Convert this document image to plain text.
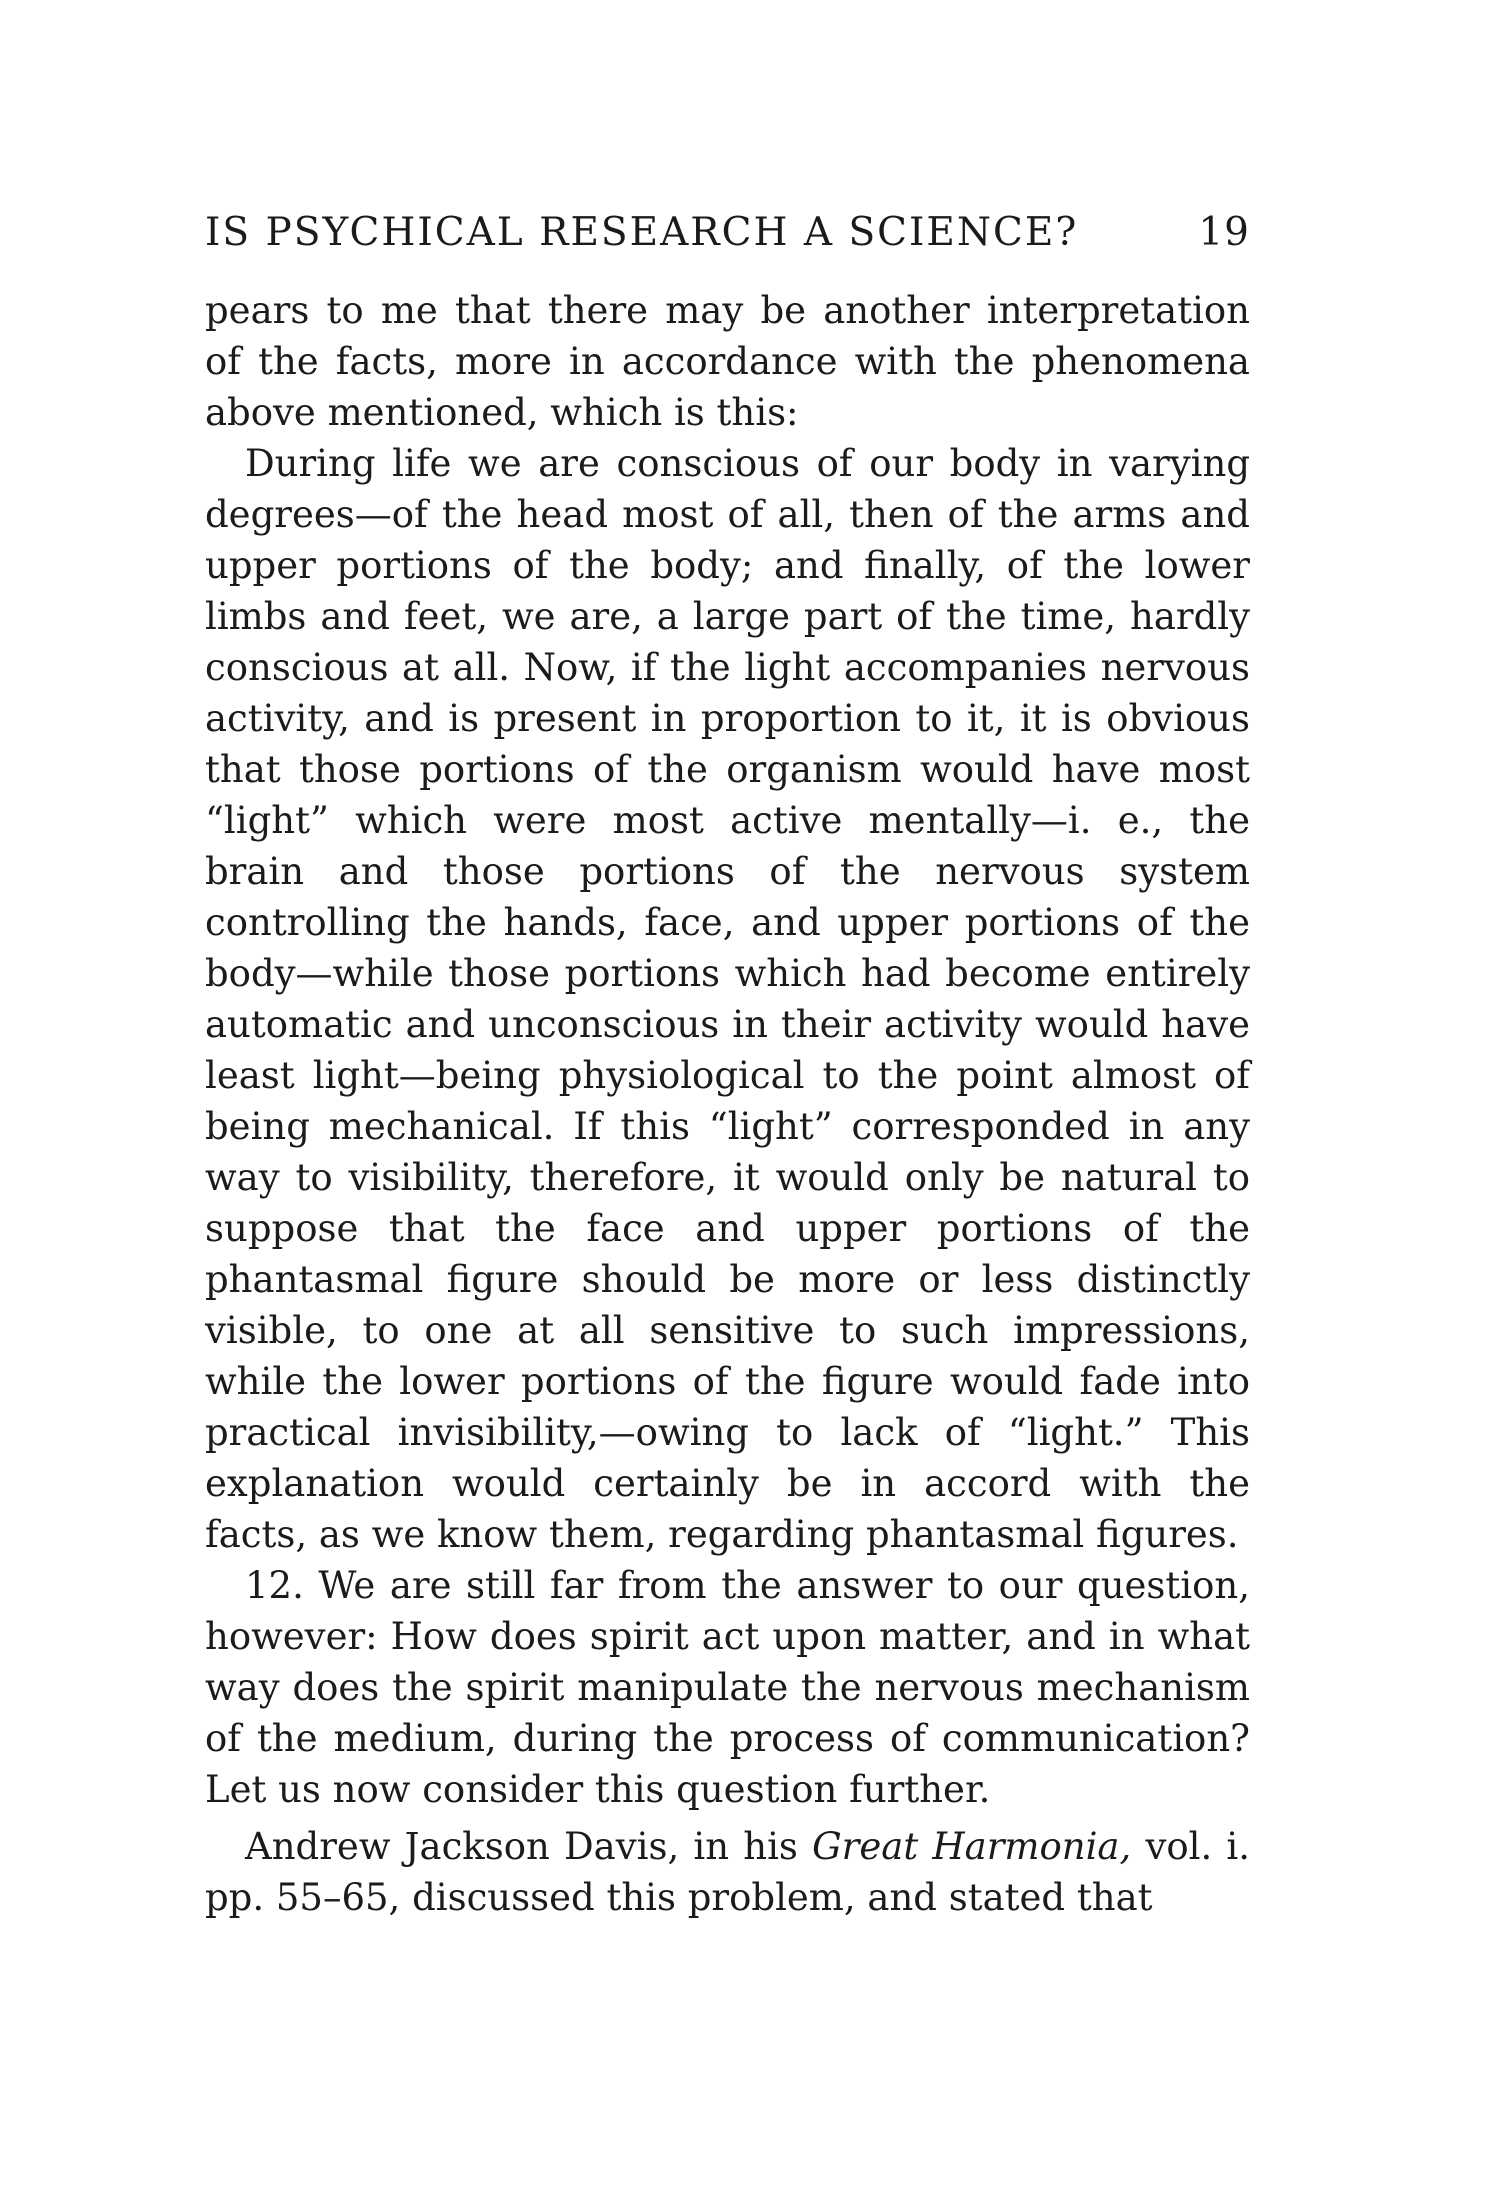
IS PSYCHICAL RESEARCH A SCIENCE?	19

pears to me that there may be another interpretation of the facts, more in accordance with the phenomena above mentioned, which is this:

During life we are conscious of our body in varying degrees—of the head most of all, then of the arms and upper portions of the body; and finally, of the lower limbs and feet, we are, a large part of the time, hardly conscious at all. Now, if the light accompanies nervous activity, and is present in proportion to it, it is obvious that those portions of the organism would have most “light” which were most active mentally—i. e., the brain and those portions of the nervous system controlling the hands, face, and upper portions of the body—while those portions which had become entirely automatic and unconscious in their activity would have least light—being physiological to the point almost of being mechanical. If this “light” corresponded in any way to visibility, therefore, it would only be natural to suppose that the face and upper portions of the phantasmal figure should be more or less distinctly visible, to one at all sensitive to such impressions, while the lower portions of the figure would fade into practical invisibility,—owing to lack of “light.” This explanation would certainly be in accord with the facts, as we know them, regarding phantasmal figures.

12. We are still far from the answer to our question, however: How does spirit act upon matter, and in what way does the spirit manipulate the nervous mechanism of the medium, during the process of communication? Let us now consider this question further.

Andrew Jackson Davis, in his Great Harmonia, vol. i. pp. 55–65, discussed this problem, and stated that
